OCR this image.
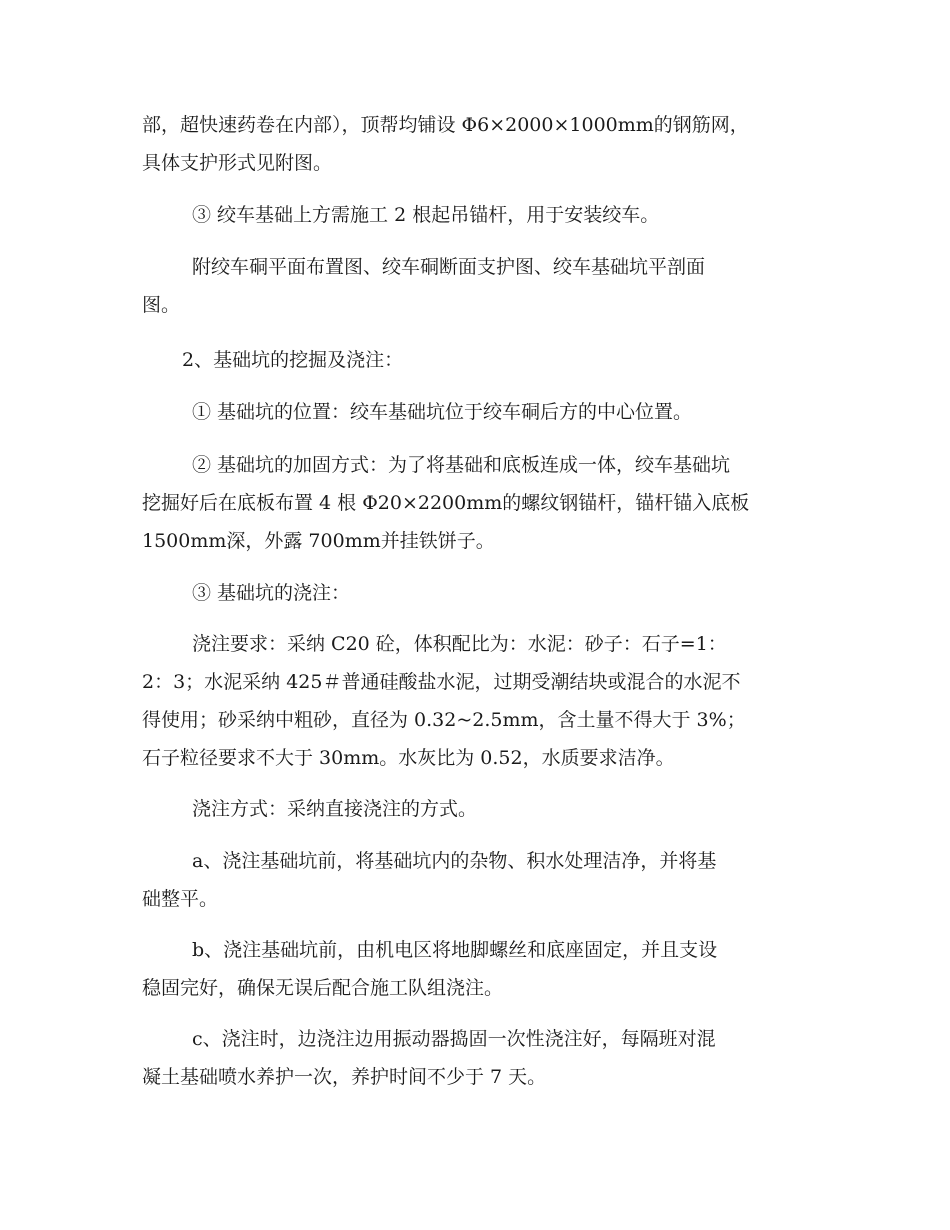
部，超快速药卷在内部），顶帮均铺设 Φ6×2000×1000mm的钢筋网，
具体支护形式见附图。
③ 绞车基础上方需施工 2 根起吊锚杆，用于安装绞车。
附绞车硐平面布置图、绞车硐断面支护图、绞车基础坑平剖面
图。
2、基础坑的挖掘及浇注：
① 基础坑的位置：绞车基础坑位于绞车硐后方的中心位置。
② 基础坑的加固方式：为了将基础和底板连成一体，绞车基础坑
挖掘好后在底板布置 4 根 Φ20×2200mm的螺纹钢锚杆，锚杆锚入底板
1500mm深，外露 700mm并挂铁饼子。
③ 基础坑的浇注：
浇注要求：采纳 C20 砼，体积配比为：水泥：砂子：石子=1：
2：3；水泥采纳 425＃普通硅酸盐水泥，过期受潮结块或混合的水泥不
得使用；砂采纳中粗砂，直径为 0.32~2.5mm，含土量不得大于 3%；
石子粒径要求不大于 30mm。水灰比为 0.52，水质要求洁净。
浇注方式：采纳直接浇注的方式。
a、浇注基础坑前，将基础坑内的杂物、积水处理洁净，并将基
础整平。
b、浇注基础坑前，由机电区将地脚螺丝和底座固定，并且支设
稳固完好，确保无误后配合施工队组浇注。
c、浇注时，边浇注边用振动器捣固一次性浇注好，每隔班对混
凝土基础喷水养护一次，养护时间不少于 7 天。
